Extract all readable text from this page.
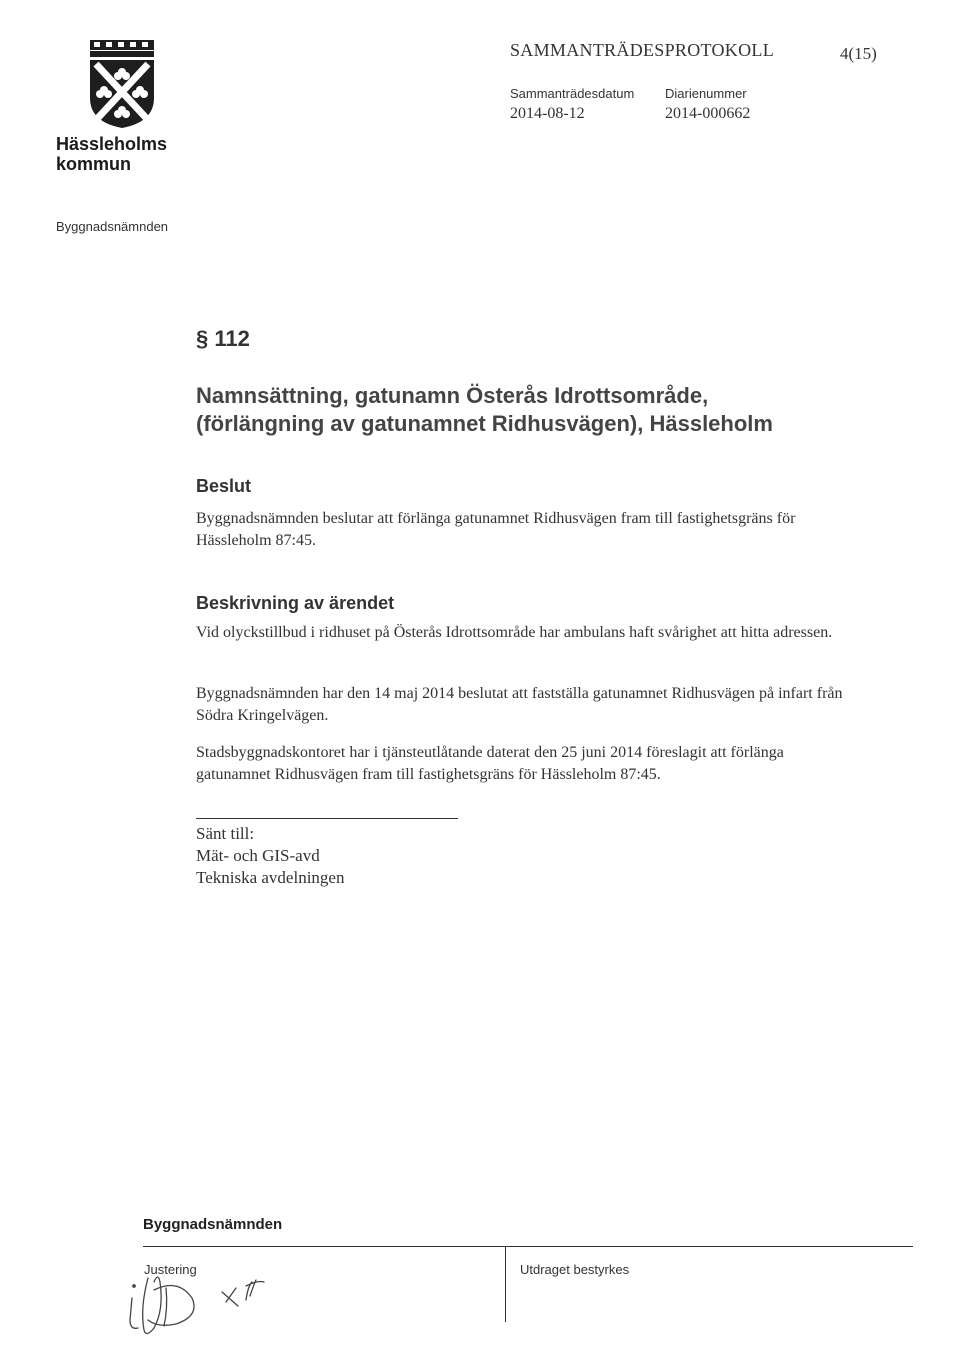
Hässleholms
kommun
SAMMANTRÄDESPROTOKOLL	4(15)
Sammanträdesdatum
2014-08-12
Diarienummer
2014-000662
Byggnadsnämnden
§ 112
Namnsättning, gatunamn Österås Idrottsområde,
(förlängning av gatunamnet Ridhusvägen), Hässleholm
Beslut
Byggnadsnämnden beslutar att förlänga gatunamnet Ridhusvägen fram till fastighetsgräns för Hässleholm 87:45.
Beskrivning av ärendet
Vid olyckstillbud i ridhuset på Österås Idrottsområde har ambulans haft svårighet att hitta adressen.
Byggnadsnämnden har den 14 maj 2014 beslutat att fastställa gatunamnet Ridhusvägen på infart från Södra Kringelvägen.
Stadsbyggnadskontoret har i tjänsteutlåtande daterat den 25 juni 2014 föreslagit att förlänga gatunamnet Ridhusvägen fram till fastighetsgräns för Hässleholm 87:45.
Sänt till:
Mät- och GIS-avd
Tekniska avdelningen
Byggnadsnämnden
Justering	Utdraget bestyrkes
